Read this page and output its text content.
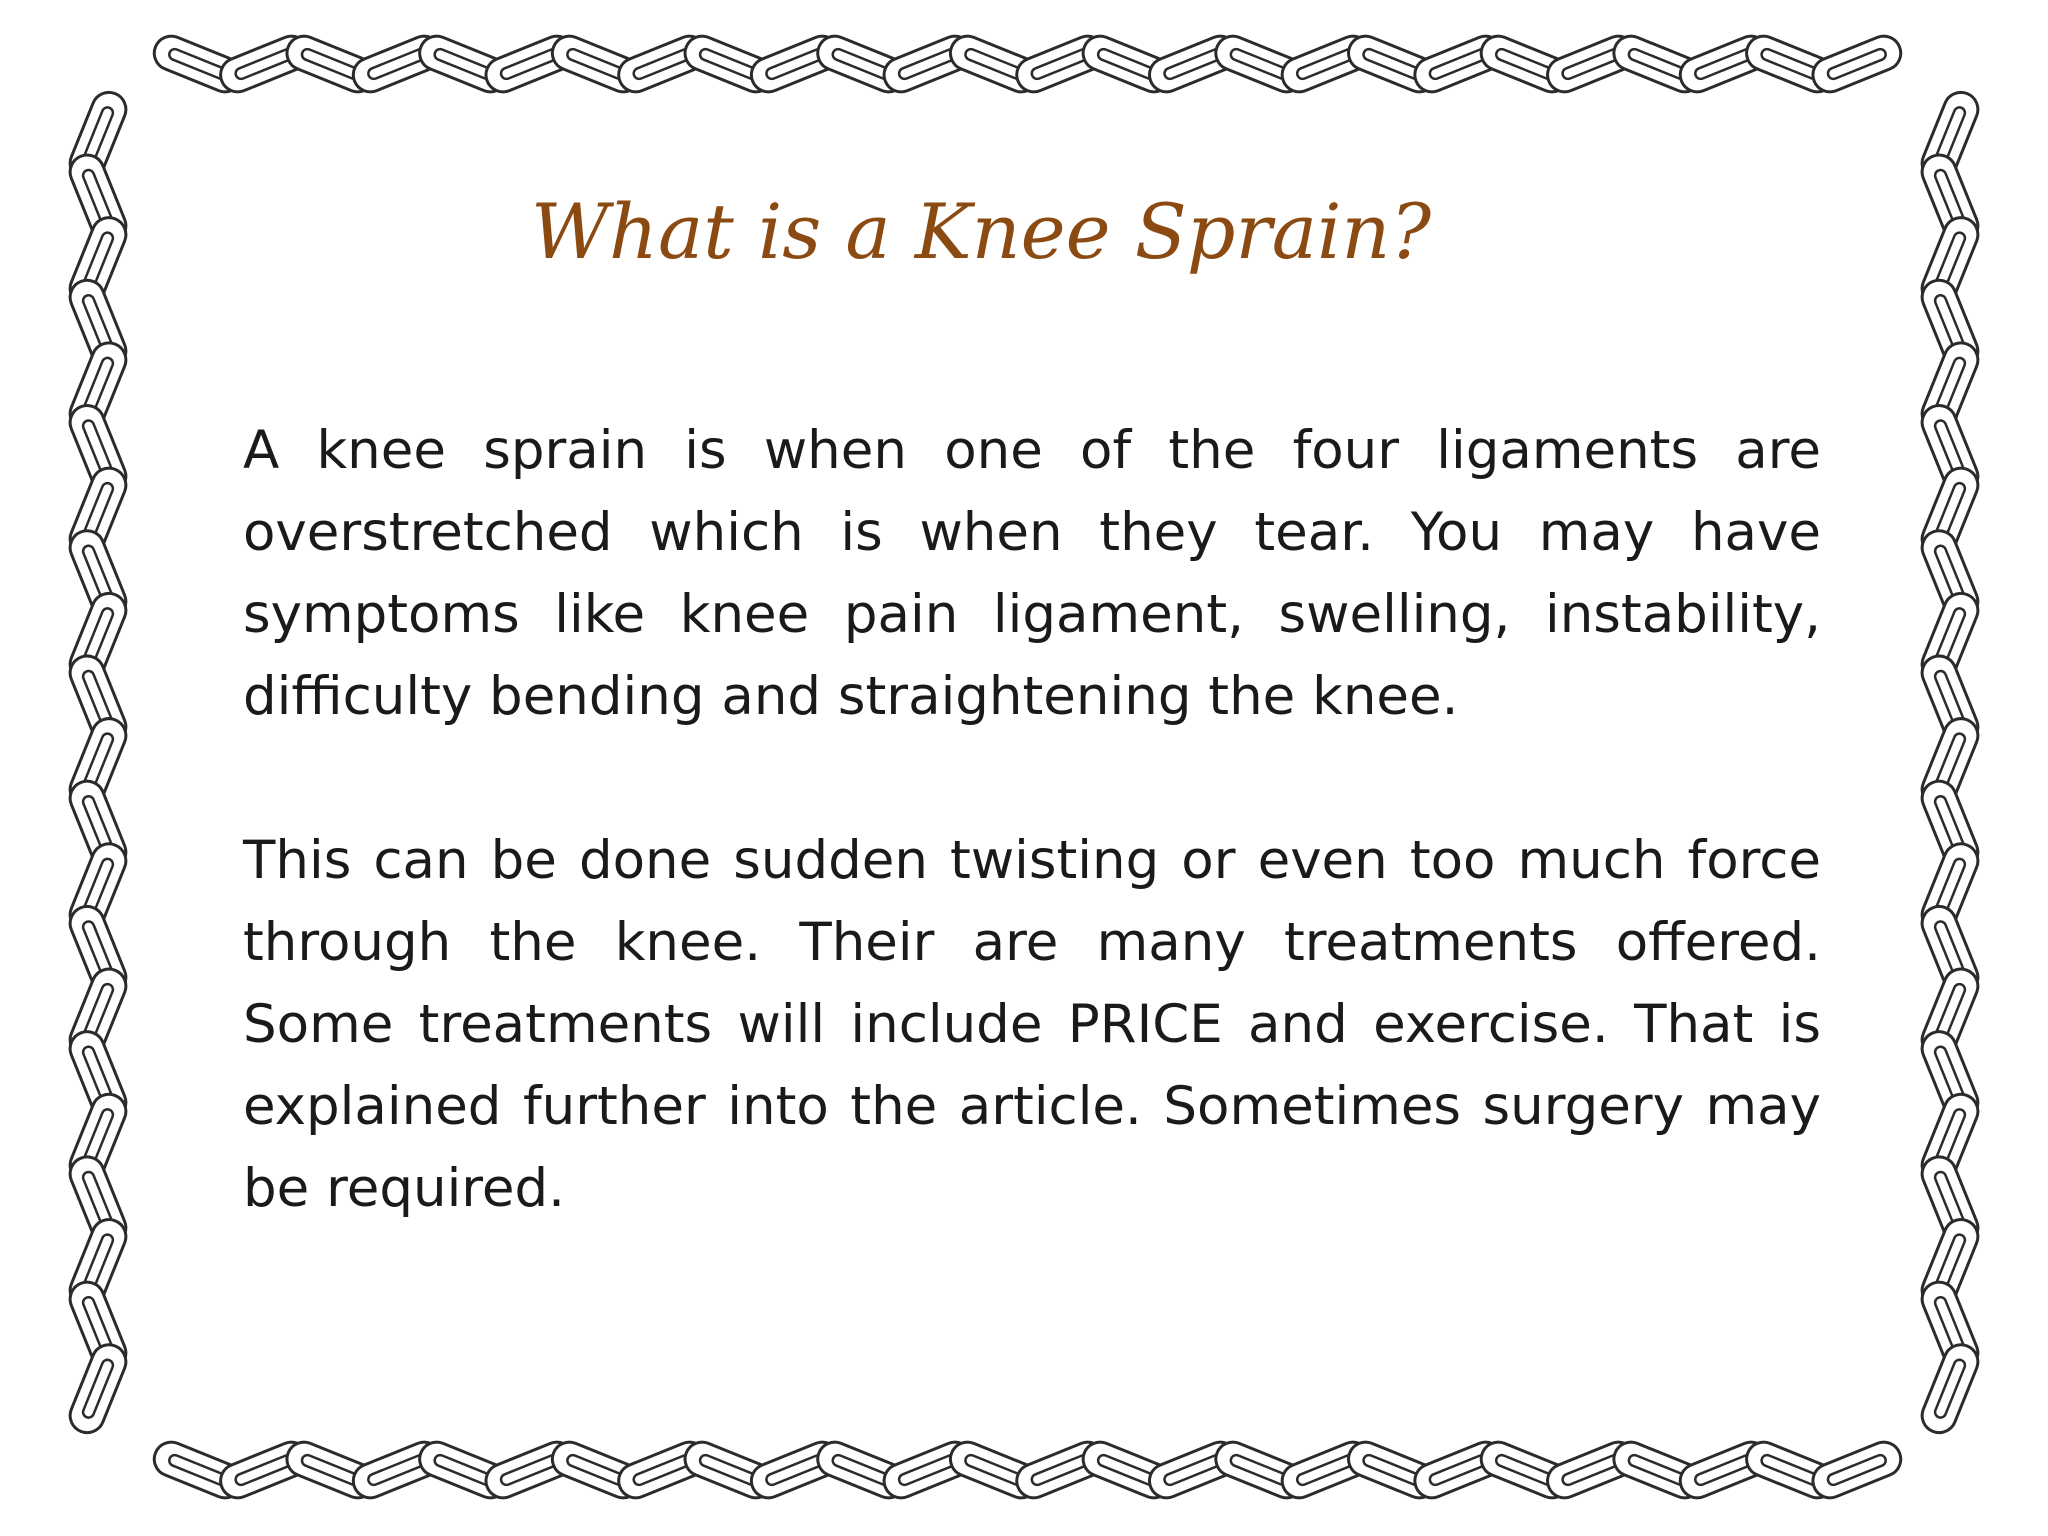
What is a Knee Sprain?

A knee sprain is when one of the four ligaments are overstretched which is when they tear. You may have symptoms like knee pain ligament, swelling, instability, difficulty bending and straightening the knee.

This can be done sudden twisting or even too much force through the knee. Their are many treatments offered. Some treatments will include PRICE and exercise. That is explained further into the article. Sometimes surgery may be required.
